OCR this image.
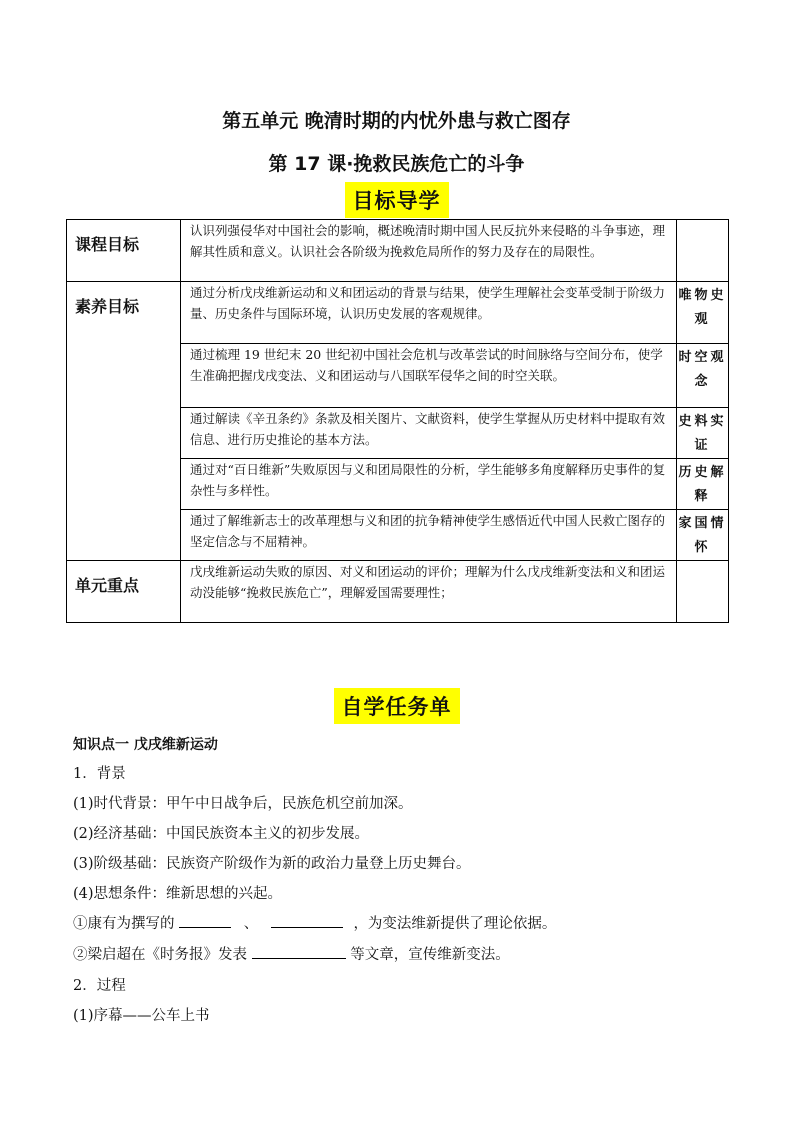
第五单元 晚清时期的内忧外患与救亡图存
第 17 课·挽救民族危亡的斗争
目标导学
课程目标	认识列强侵华对中国社会的影响，概述晚清时期中国人民反抗外来侵略的斗争事迹，理解其性质和意义。认识社会各阶级为挽救危局所作的努力及存在的局限性。	
素养目标	通过分析戊戌维新运动和义和团运动的背景与结果，使学生理解社会变革受制于阶级力量、历史条件与国际环境，认识历史发展的客观规律。	唯物史观
	通过梳理 19 世纪末 20 世纪初中国社会危机与改革尝试的时间脉络与空间分布，使学生准确把握戊戌变法、义和团运动与八国联军侵华之间的时空关联。	时空观念
	通过解读《辛丑条约》条款及相关图片、文献资料，使学生掌握从历史材料中提取有效信息、进行历史推论的基本方法。	史料实证
	通过对“百日维新”失败原因与义和团局限性的分析，学生能够多角度解释历史事件的复杂性与多样性。	历史解释
	通过了解维新志士的改革理想与义和团的抗争精神使学生感悟近代中国人民救亡图存的坚定信念与不屈精神。	家国情怀
单元重点	戊戌维新运动失败的原因、对义和团运动的评价；理解为什么戊戌维新变法和义和团运动没能够“挽救民族危亡”，理解爱国需要理性；	
自学任务单
知识点一 戊戌维新运动
1．背景
(1)时代背景：甲午中日战争后，民族危机空前加深。
(2)经济基础：中国民族资本主义的初步发展。
(3)阶级基础：民族资产阶级作为新的政治力量登上历史舞台。
(4)思想条件：维新思想的兴起。
①康有为撰写的	、	，为变法维新提供了理论依据。
②梁启超在《时务报》发表	等文章，宣传维新变法。
2．过程
(1)序幕——公车上书
